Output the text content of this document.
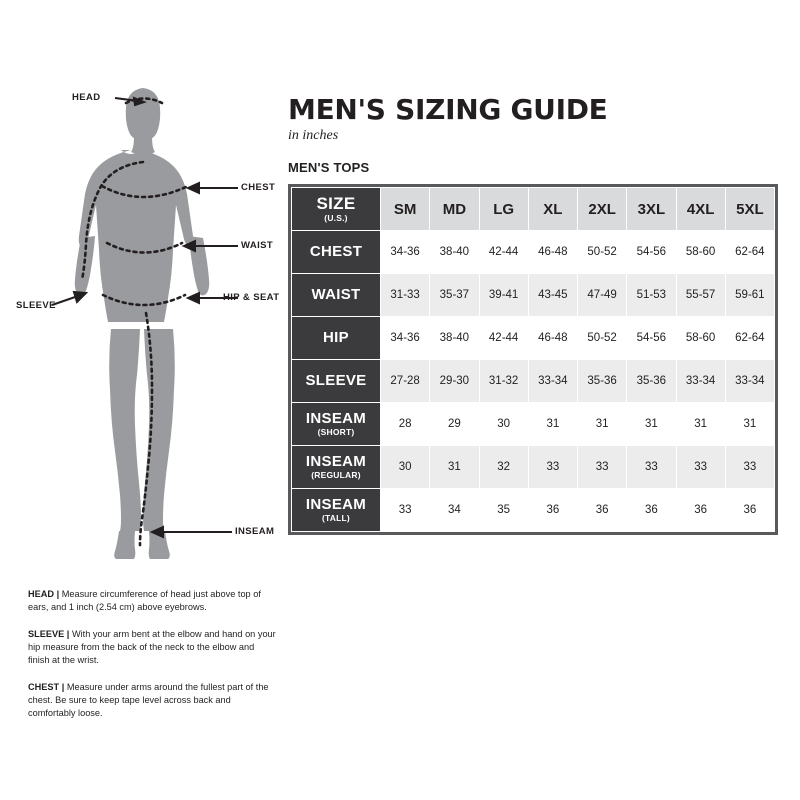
HEAD
CHEST
WAIST
HIP & SEAT
SLEEVE
INSEAM

HEAD | Measure circumference of head just above top of ears, and 1 inch (2.54 cm) above eyebrows.

SLEEVE | With your arm bent at the elbow and hand on your hip measure from the back of the neck to the elbow and finish at the wrist.

CHEST | Measure under arms around the fullest part of the chest. Be sure to keep tape level across back and comfortably loose.

MEN'S SIZING GUIDE
in inches
MEN'S TOPS
SIZE
(U.S.)	SM	MD	LG	XL	2XL	3XL	4XL	5XL
CHEST	34-36	38-40	42-44	46-48	50-52	54-56	58-60	62-64
WAIST	31-33	35-37	39-41	43-45	47-49	51-53	55-57	59-61
HIP	34-36	38-40	42-44	46-48	50-52	54-56	58-60	62-64
SLEEVE	27-28	29-30	31-32	33-34	35-36	35-36	33-34	33-34
INSEAM
(SHORT)	28	29	30	31	31	31	31	31
INSEAM
(REGULAR)	30	31	32	33	33	33	33	33
INSEAM
(TALL)	33	34	35	36	36	36	36	36
